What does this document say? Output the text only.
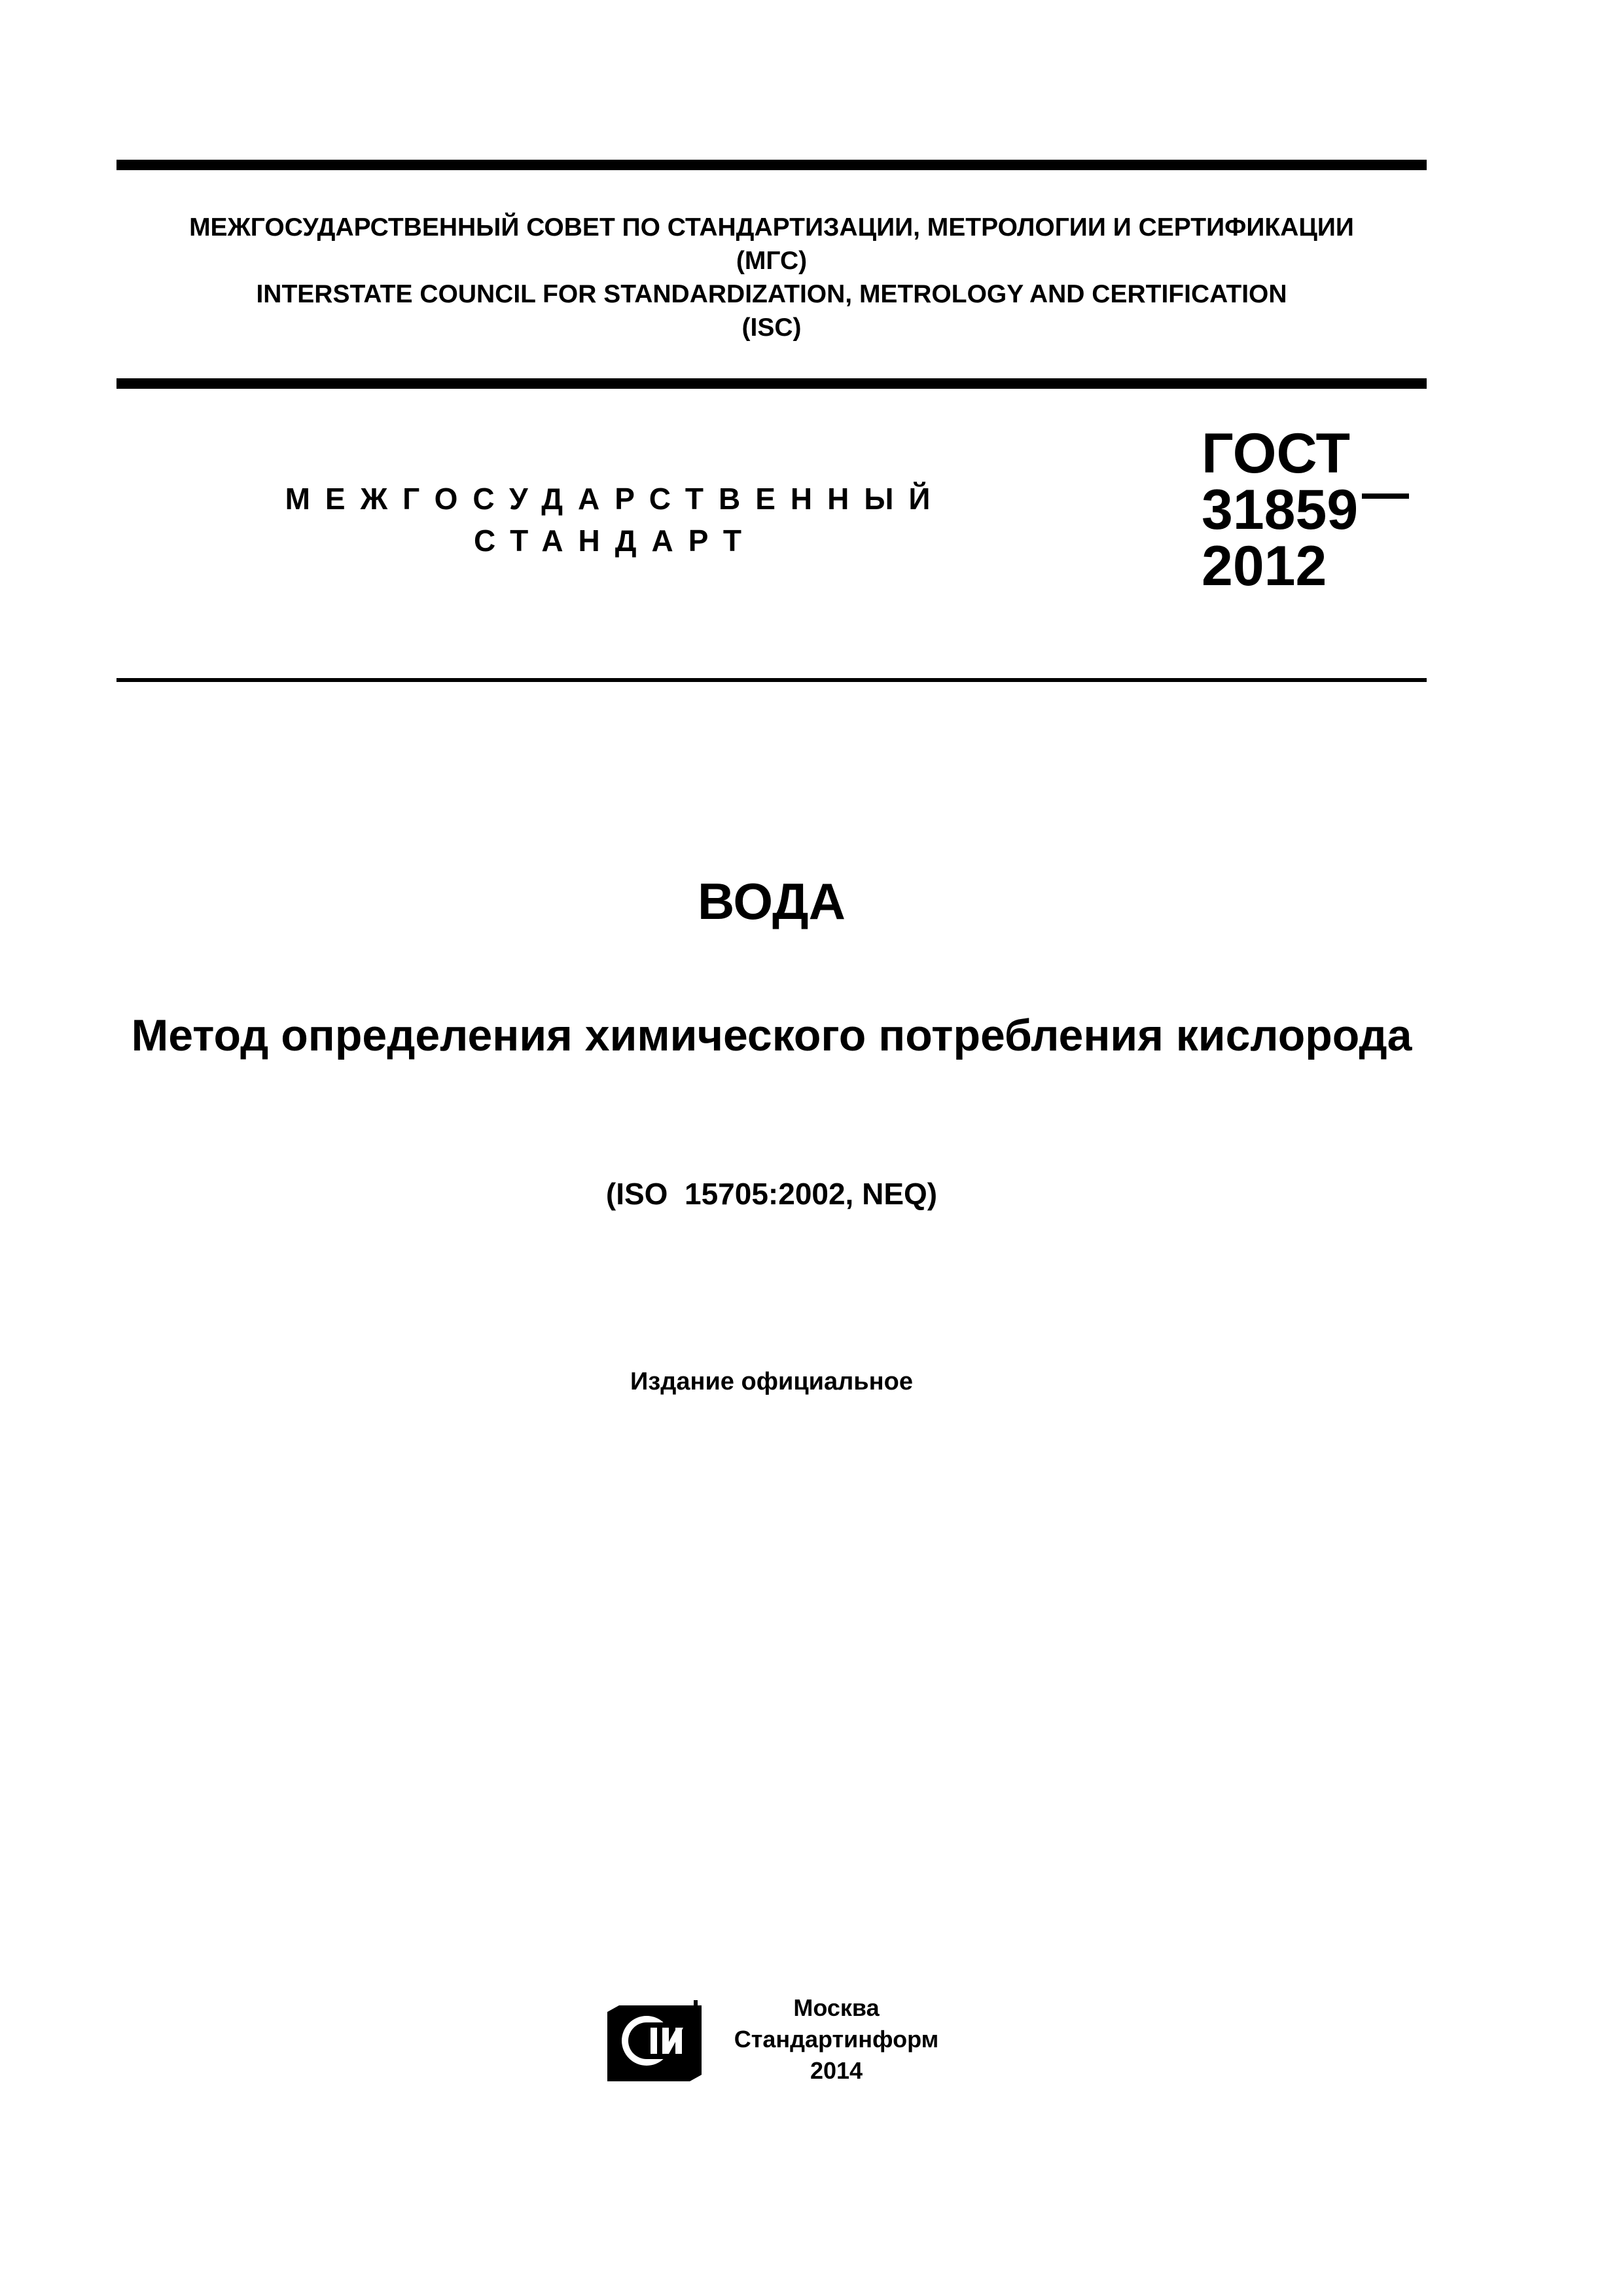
МЕЖГОСУДАРСТВЕННЫЙ СОВЕТ ПО СТАНДАРТИЗАЦИИ, МЕТРОЛОГИИ И СЕРТИФИКАЦИИ
(МГС)
INTERSTATE COUNCIL FOR STANDARDIZATION, METROLOGY AND CERTIFICATION
(ISC)
МЕЖГОСУДАРСТВЕННЫЙ
СТАНДАРТ
ГОСТ
31859
2012
ВОДА
Метод определения химического потребления кислорода
(ISO  15705:2002, NEQ)
Издание официальное
Москва
Стандартинформ
2014
